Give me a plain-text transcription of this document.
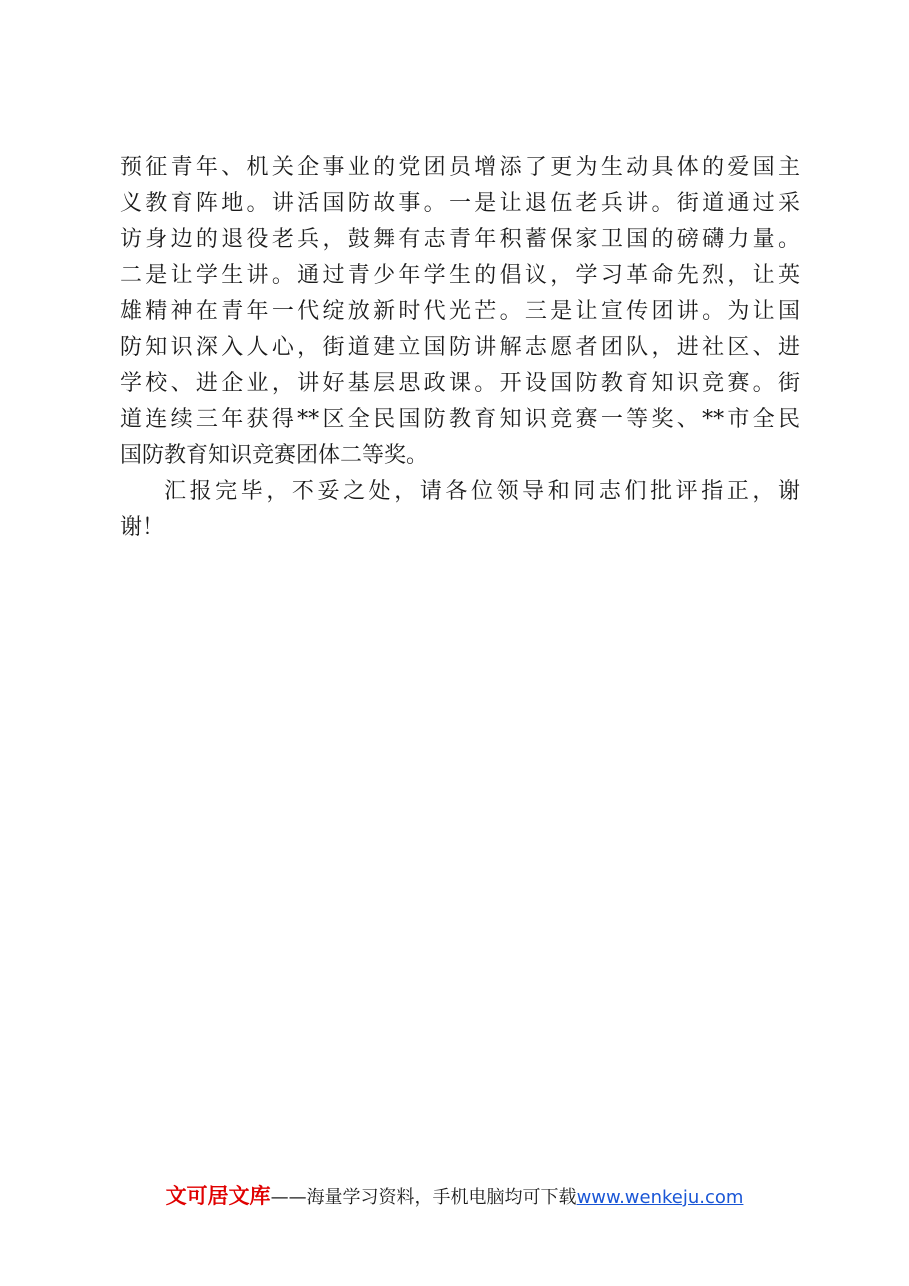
预征青年、机关企事业的党团员增添了更为生动具体的爱国主
义教育阵地。讲活国防故事。一是让退伍老兵讲。街道通过采
访身边的退役老兵，鼓舞有志青年积蓄保家卫国的磅礴力量。
二是让学生讲。通过青少年学生的倡议，学习革命先烈，让英
雄精神在青年一代绽放新时代光芒。三是让宣传团讲。为让国
防知识深入人心，街道建立国防讲解志愿者团队，进社区、进
学校、进企业，讲好基层思政课。开设国防教育知识竞赛。街
道连续三年获得**区全民国防教育知识竞赛一等奖、**市全民
国防教育知识竞赛团体二等奖。
汇报完毕，不妥之处，请各位领导和同志们批评指正，谢
谢！
文可居文库——海量学习资料，手机电脑均可下载www.wenkeju.com
